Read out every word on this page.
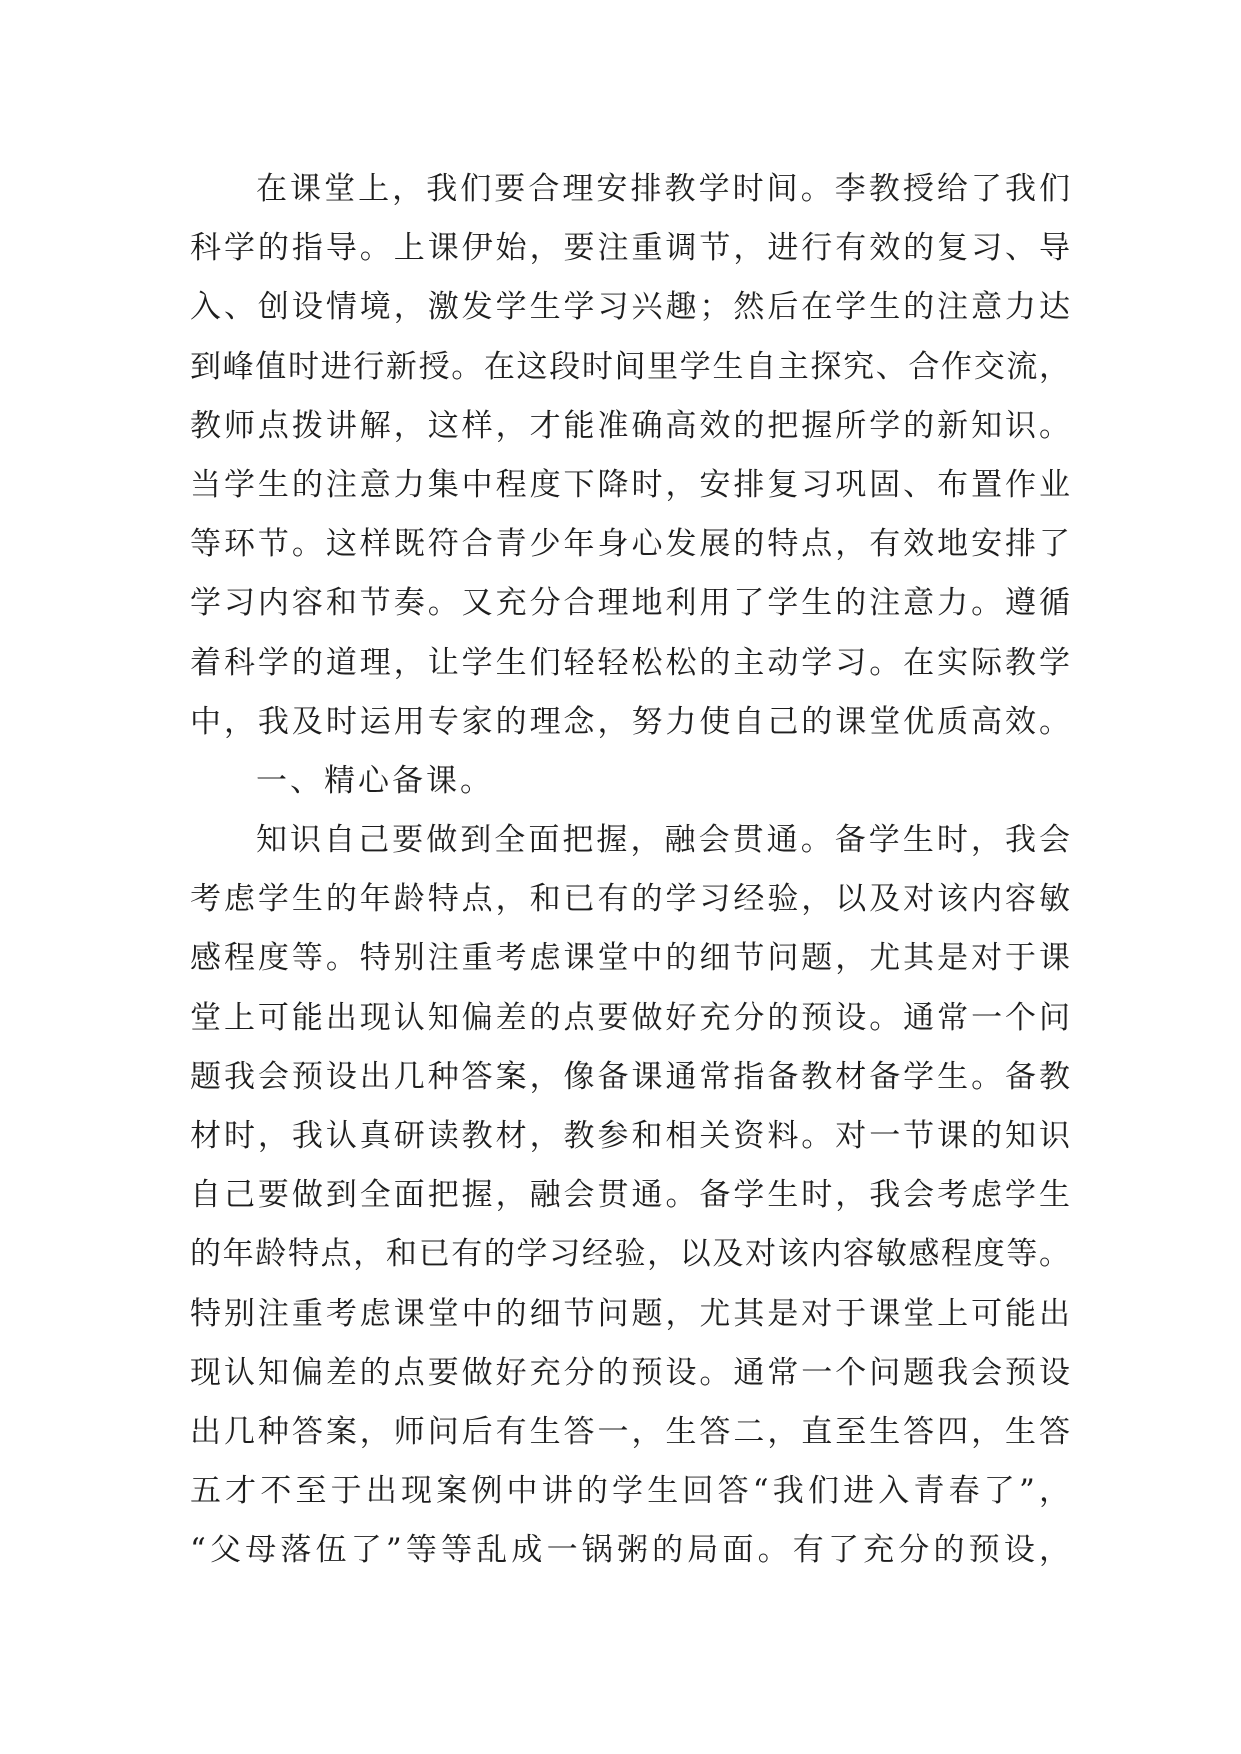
在课堂上，我们要合理安排教学时间。李教授给了我们
科学的指导。上课伊始，要注重调节，进行有效的复习、导
入、创设情境，激发学生学习兴趣；然后在学生的注意力达
到峰值时进行新授。在这段时间里学生自主探究、合作交流，
教师点拨讲解，这样，才能准确高效的把握所学的新知识。
当学生的注意力集中程度下降时，安排复习巩固、布置作业
等环节。这样既符合青少年身心发展的特点，有效地安排了
学习内容和节奏。又充分合理地利用了学生的注意力。遵循
着科学的道理，让学生们轻轻松松的主动学习。在实际教学
中，我及时运用专家的理念，努力使自己的课堂优质高效。
一、精心备课。
知识自己要做到全面把握，融会贯通。备学生时，我会
考虑学生的年龄特点，和已有的学习经验，以及对该内容敏
感程度等。特别注重考虑课堂中的细节问题，尤其是对于课
堂上可能出现认知偏差的点要做好充分的预设。通常一个问
题我会预设出几种答案，像备课通常指备教材备学生。备教
材时，我认真研读教材，教参和相关资料。对一节课的知识
自己要做到全面把握，融会贯通。备学生时，我会考虑学生
的年龄特点，和已有的学习经验，以及对该内容敏感程度等。
特别注重考虑课堂中的细节问题，尤其是对于课堂上可能出
现认知偏差的点要做好充分的预设。通常一个问题我会预设
出几种答案，师问后有生答一，生答二，直至生答四，生答
五才不至于出现案例中讲的学生回答“我们进入青春了”，
“父母落伍了”等等乱成一锅粥的局面。有了充分的预设，
